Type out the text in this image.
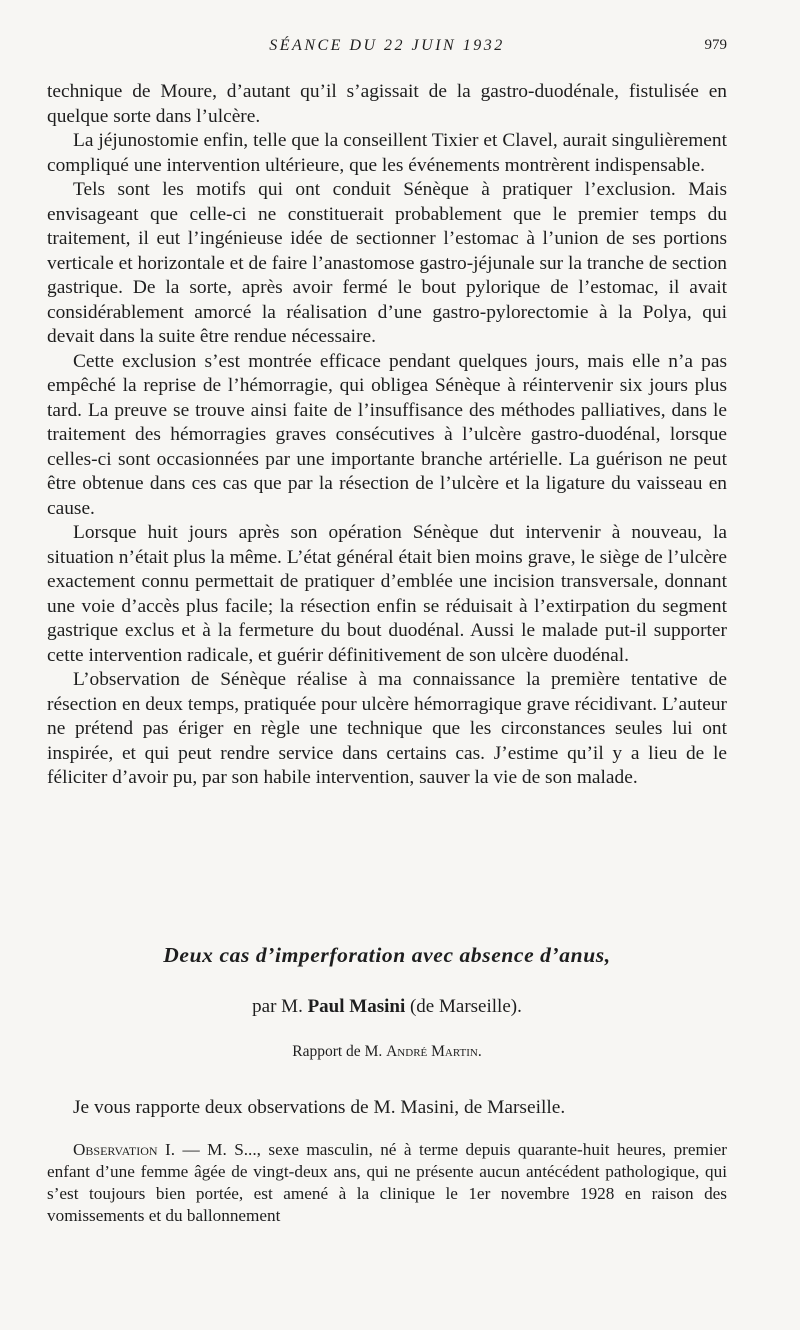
SÉANCE DU 22 JUIN 1932	979

technique de Moure, d’autant qu’il s’agissait de la gastro-duodénale, fistulisée en quelque sorte dans l’ulcère.

La jéjunostomie enfin, telle que la conseillent Tixier et Clavel, aurait singulièrement compliqué une intervention ultérieure, que les événements montrèrent indispensable.

Tels sont les motifs qui ont conduit Sénèque à pratiquer l’exclusion. Mais envisageant que celle-ci ne constituerait probablement que le premier temps du traitement, il eut l’ingénieuse idée de sectionner l’estomac à l’union de ses portions verticale et horizontale et de faire l’anastomose gastro-jéjunale sur la tranche de section gastrique. De la sorte, après avoir fermé le bout pylorique de l’estomac, il avait considérablement amorcé la réalisation d’une gastro-pylorectomie à la Polya, qui devait dans la suite être rendue nécessaire.

Cette exclusion s’est montrée efficace pendant quelques jours, mais elle n’a pas empêché la reprise de l’hémorragie, qui obligea Sénèque à réintervenir six jours plus tard. La preuve se trouve ainsi faite de l’insuffisance des méthodes palliatives, dans le traitement des hémorragies graves consécutives à l’ulcère gastro-duodénal, lorsque celles-ci sont occasionnées par une importante branche artérielle. La guérison ne peut être obtenue dans ces cas que par la résection de l’ulcère et la ligature du vaisseau en cause.

Lorsque huit jours après son opération Sénèque dut intervenir à nouveau, la situation n’était plus la même. L’état général était bien moins grave, le siège de l’ulcère exactement connu permettait de pratiquer d’emblée une incision transversale, donnant une voie d’accès plus facile; la résection enfin se réduisait à l’extirpation du segment gastrique exclus et à la fermeture du bout duodénal. Aussi le malade put-il supporter cette intervention radicale, et guérir définitivement de son ulcère duodénal.

L’observation de Sénèque réalise à ma connaissance la première tentative de résection en deux temps, pratiquée pour ulcère hémorragique grave récidivant. L’auteur ne prétend pas ériger en règle une technique que les circonstances seules lui ont inspirée, et qui peut rendre service dans certains cas. J’estime qu’il y a lieu de le féliciter d’avoir pu, par son habile intervention, sauver la vie de son malade.

Deux cas d’imperforation avec absence d’anus,

par M. Paul Masini (de Marseille).

Rapport de M. André Martin.

Je vous rapporte deux observations de M. Masini, de Marseille.

Observation I. — M. S..., sexe masculin, né à terme depuis quarante-huit heures, premier enfant d’une femme âgée de vingt-deux ans, qui ne présente aucun antécédent pathologique, qui s’est toujours bien portée, est amené à la clinique le 1er novembre 1928 en raison des vomissements et du ballonnement
